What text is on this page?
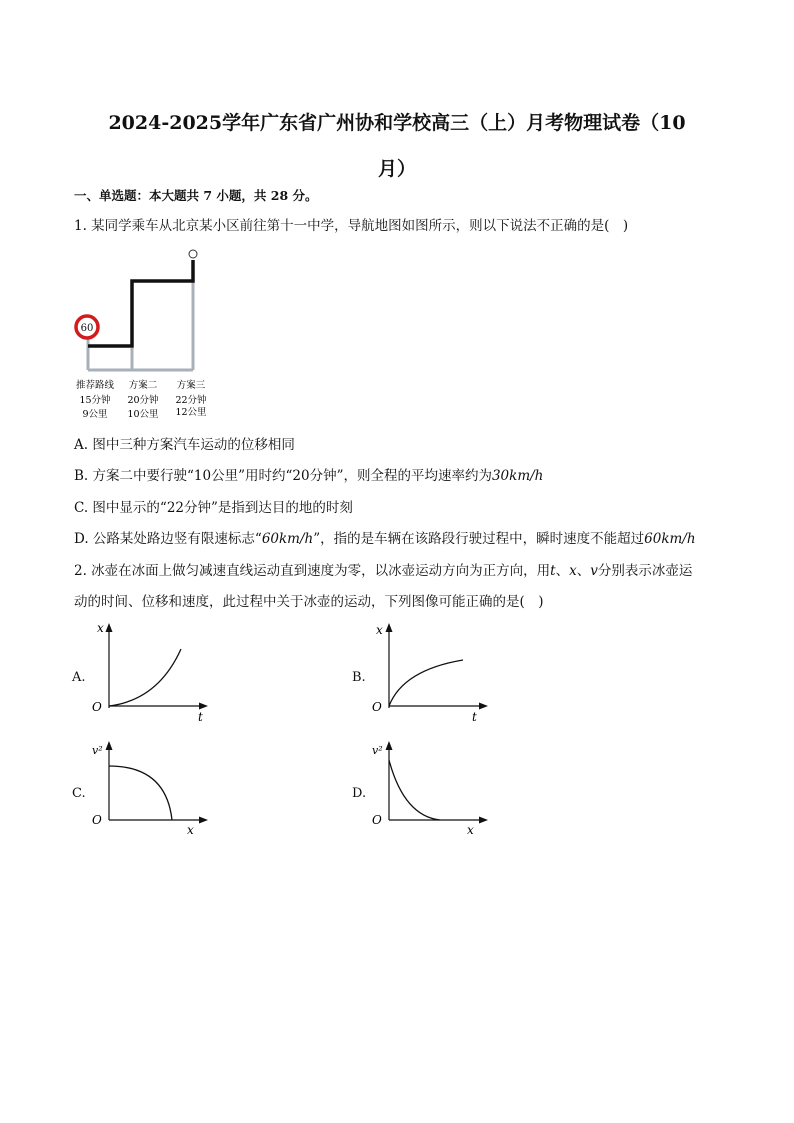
2024-2025学年广东省广州协和学校高三（上）月考物理试卷（10
月）
一、单选题：本大题共 7 小题，共 28 分。
1. 某同学乘车从北京某小区前往第十一中学，导航地图如图所示，则以下说法不正确的是(　)
60
推荐路线
15分钟
9公里
方案二
20分钟
10公里
方案三
22分钟
12公里
A. 图中三种方案汽车运动的位移相同
B. 方案二中要行驶“10公里”用时约“20分钟”，则全程的平均速率约为30km/h
C. 图中显示的“22分钟”是指到达目的地的时刻
D. 公路某处路边竖有限速标志“60km/h”，指的是车辆在该路段行驶过程中，瞬时速度不能超过60km/h
2. 冰壶在冰面上做匀减速直线运动直到速度为零，以冰壶运动方向为正方向，用t、x、v分别表示冰壶运
动的时间、位移和速度，此过程中关于冰壶的运动，下列图像可能正确的是(　)
A.
x
t
O
B.
x
t
O
C.
v²
x
O
D.
v²
x
O
